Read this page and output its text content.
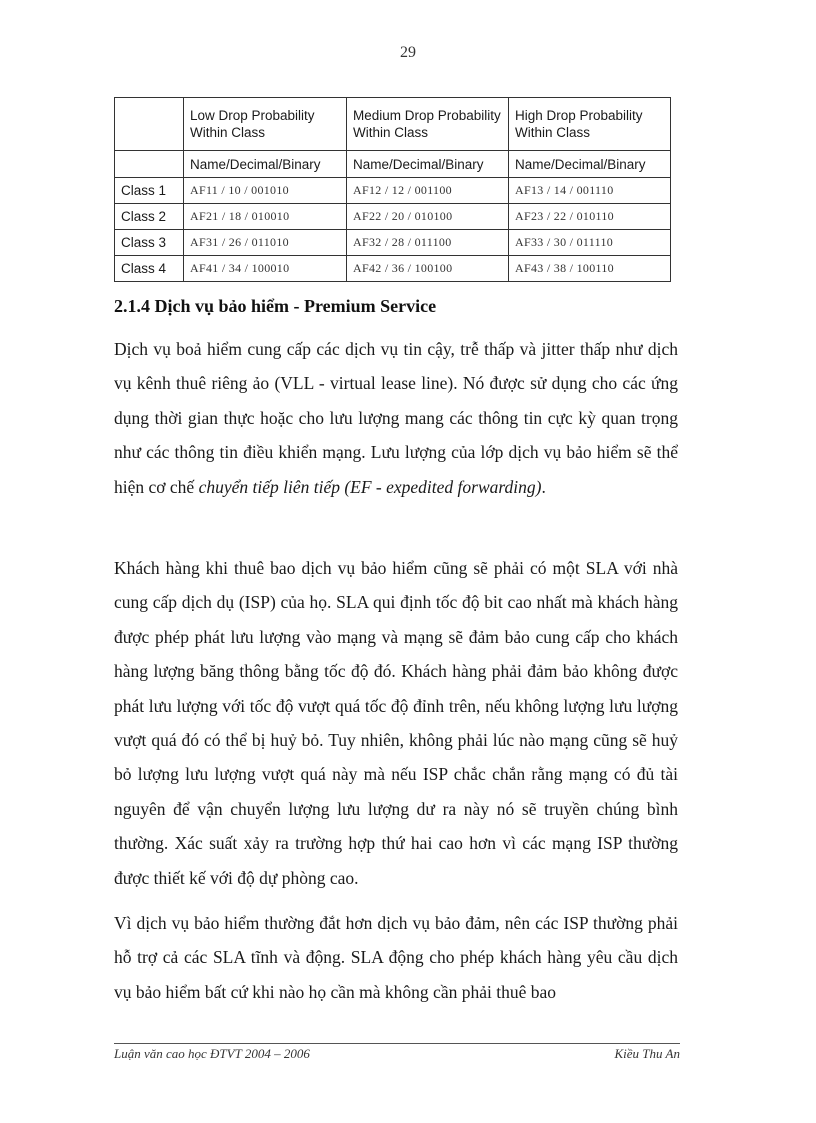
29
	Low Drop Probability Within Class	Medium Drop Probability Within Class	High Drop Probability Within Class
	Name/Decimal/Binary	Name/Decimal/Binary	Name/Decimal/Binary
Class 1	AF11 / 10 / 001010	AF12 / 12 / 001100	AF13 / 14 / 001110
Class 2	AF21 / 18 / 010010	AF22 / 20 / 010100	AF23 / 22 / 010110
Class 3	AF31 / 26 / 011010	AF32 / 28 / 011100	AF33 / 30 / 011110
Class 4	AF41 / 34 / 100010	AF42 / 36 / 100100	AF43 / 38 / 100110
2.1.4 Dịch vụ bảo hiểm - Premium Service

Dịch vụ boả hiểm cung cấp các dịch vụ tin cậy, trễ thấp và jitter thấp như dịch vụ kênh thuê riêng ảo (VLL - virtual lease line). Nó được sử dụng cho các ứng dụng thời gian thực hoặc cho lưu lượng mang các thông tin cực kỳ quan trọng như các thông tin điều khiển mạng. Lưu lượng của lớp dịch vụ bảo hiểm sẽ thể hiện cơ chế chuyển tiếp liên tiếp (EF - expedited forwarding).

Khách hàng khi thuê bao dịch vụ bảo hiểm cũng sẽ phải có một SLA với nhà cung cấp dịch dụ (ISP) của họ. SLA qui định tốc độ bit cao nhất mà khách hàng được phép phát lưu lượng vào mạng và mạng sẽ đảm bảo cung cấp cho khách hàng lượng băng thông bằng tốc độ đó. Khách hàng phải đảm bảo không được phát lưu lượng với tốc độ vượt quá tốc độ đỉnh trên, nếu không lượng lưu lượng vượt quá đó có thể bị huỷ bỏ. Tuy nhiên, không phải lúc nào mạng cũng sẽ huỷ bỏ lượng lưu lượng vượt quá này mà nếu ISP chắc chắn rằng mạng có đủ tài nguyên để vận chuyển lượng lưu lượng dư ra này nó sẽ truyền chúng bình thường. Xác suất xảy ra trường hợp thứ hai cao hơn vì các mạng ISP thường được thiết kế với độ dự phòng cao.

Vì dịch vụ bảo hiểm thường đắt hơn dịch vụ bảo đảm, nên các ISP thường phải hỗ trợ cả các SLA tĩnh và động. SLA động cho phép khách hàng yêu cầu dịch vụ bảo hiểm bất cứ khi nào họ cần mà không cần phải thuê bao

Luận văn cao học ĐTVT 2004 – 2006	Kiều Thu An
